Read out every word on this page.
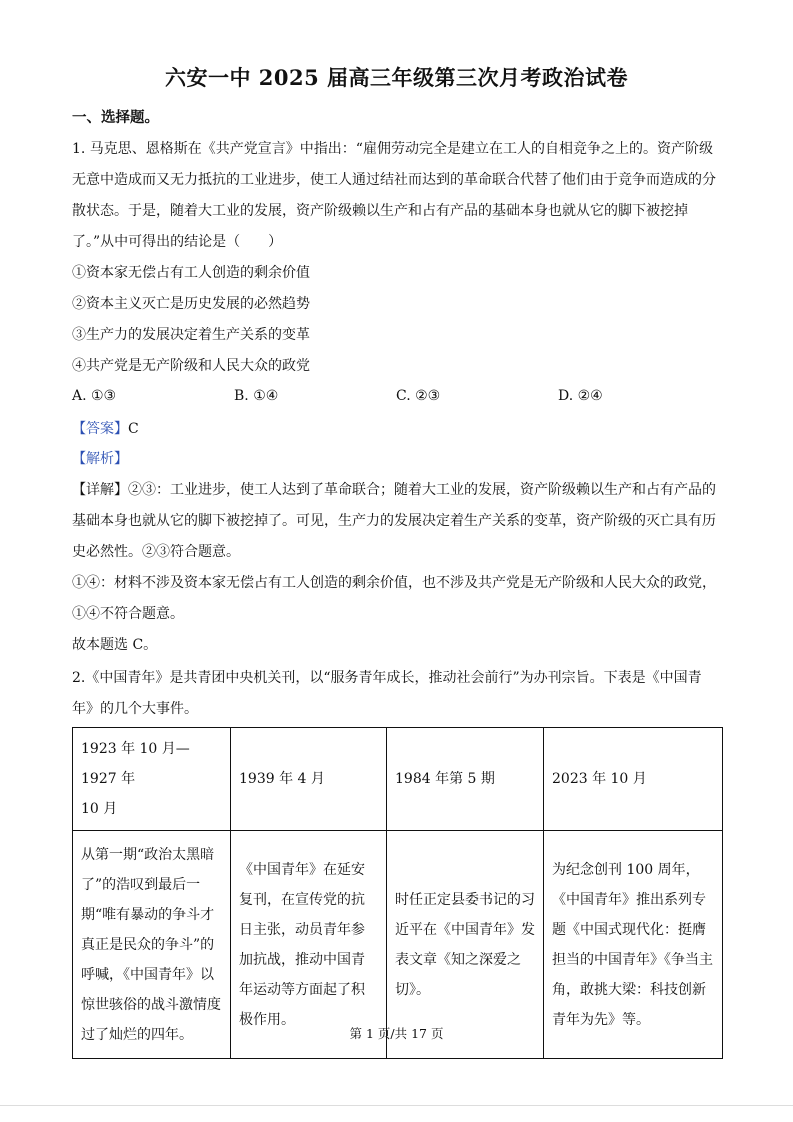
六安一中 2025 届高三年级第三次月考政治试卷
一、选择题。
1. 马克思、恩格斯在《共产党宣言》中指出：“雇佣劳动完全是建立在工人的自相竞争之上的。资产阶级
无意中造成而又无力抵抗的工业进步，使工人通过结社而达到的革命联合代替了他们由于竞争而造成的分
散状态。于是，随着大工业的发展，资产阶级赖以生产和占有产品的基础本身也就从它的脚下被挖掉
了。”从中可得出的结论是（　　）
①资本家无偿占有工人创造的剩余价值
②资本主义灭亡是历史发展的必然趋势
③生产力的发展决定着生产关系的变革
④共产党是无产阶级和人民大众的政党
A. ①③	B. ①④	C. ②③	D. ②④
【答案】C
【解析】
【详解】②③：工业进步，使工人达到了革命联合；随着大工业的发展，资产阶级赖以生产和占有产品的
基础本身也就从它的脚下被挖掉了。可见，生产力的发展决定着生产关系的变革，资产阶级的灭亡具有历
史必然性。②③符合题意。
①④：材料不涉及资本家无偿占有工人创造的剩余价值，也不涉及共产党是无产阶级和人民大众的政党，
①④不符合题意。
故本题选 C。
2.《中国青年》是共青团中央机关刊，以“服务青年成长，推动社会前行”为办刊宗旨。下表是《中国青
年》的几个大事件。
1923 年 10 月—1927 年
10 月	1939 年 4 月	1984 年第 5 期	2023 年 10 月
从第一期“政治太黑暗了”的浩叹到最后一期“唯有暴动的争斗才真正是民众的争斗”的呼喊，《中国青年》以惊世骇俗的战斗激情度过了灿烂的四年。	《中国青年》在延安复刊，在宣传党的抗日主张，动员青年参加抗战，推动中国青年运动等方面起了积极作用。	时任正定县委书记的习近平在《中国青年》发表文章《知之深爱之切》。	为纪念创刊 100 周年，《中国青年》推出系列专题《中国式现代化：挺膺担当的中国青年》《争当主角，敢挑大梁：科技创新青年为先》等。
第 1 页/共 17 页
